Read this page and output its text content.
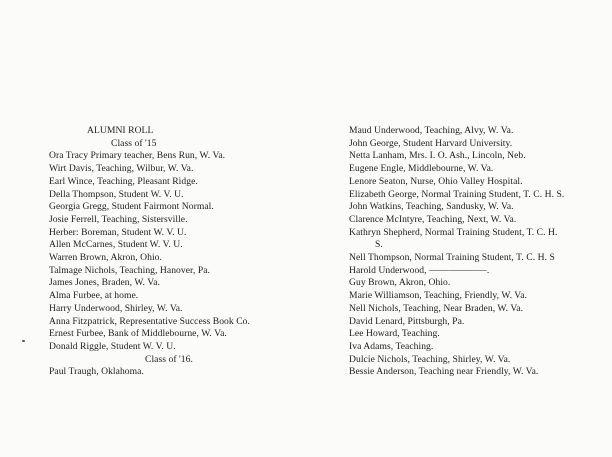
ALUMNI ROLL
Class of '15
Ora Tracy Primary teacher, Bens Run, W. Va.
Wirt Davis, Teaching, Wilbur, W. Va.
Earl Wince, Teaching, Pleasant Ridge.
Della Thompson, Student W. V. U.
Georgia Gregg, Student Fairmont Normal.
Josie Ferrell, Teaching, Sistersville.
Herber: Boreman, Student W. V. U.
Allen McCarnes, Student W. V. U.
Warren Brown, Akron, Ohio.
Talmage Nichols, Teaching, Hanover, Pa.
James Jones, Braden, W. Va.
Alma Furbee, at home.
Harry Underwood, Shirley, W. Va.
Anna Fitzpatrick, Representative Success Book Co.
Ernest Furbee, Bank of Middlebourne, W. Va.
Donald Riggle, Student W. V. U.
Class of '16.
Paul Traugh, Oklahoma.
Maud Underwood, Teaching, Alvy, W. Va.
John George, Student Harvard University.
Netta Lanham, Mrs. I. O. Ash., Lincoln, Neb.
Eugene Engle, Middlebourne, W. Va.
Lenore Seaton, Nurse, Ohio Valley Hospital.
Elizabeth George, Normal Training Student, T. C. H. S.
John Watkins, Teaching, Sandusky, W. Va.
Clarence McIntyre, Teaching, Next, W. Va.
Kathryn Shepherd, Normal Training Student, T. C. H.
S.
Nell Thompson, Normal Training Student, T. C. H. S
Harold Underwood, ——————.
Guy Brown, Akron, Ohio.
Marie Williamson, Teaching, Friendly, W. Va.
Nell Nichols, Teaching, Near Braden, W. Va.
David Lenard, Pittsburgh, Pa.
Lee Howard, Teaching.
Iva Adams, Teaching.
Dulcie Nichols, Teaching, Shirley, W. Va.
Bessie Anderson, Teaching near Friendly, W. Va.
